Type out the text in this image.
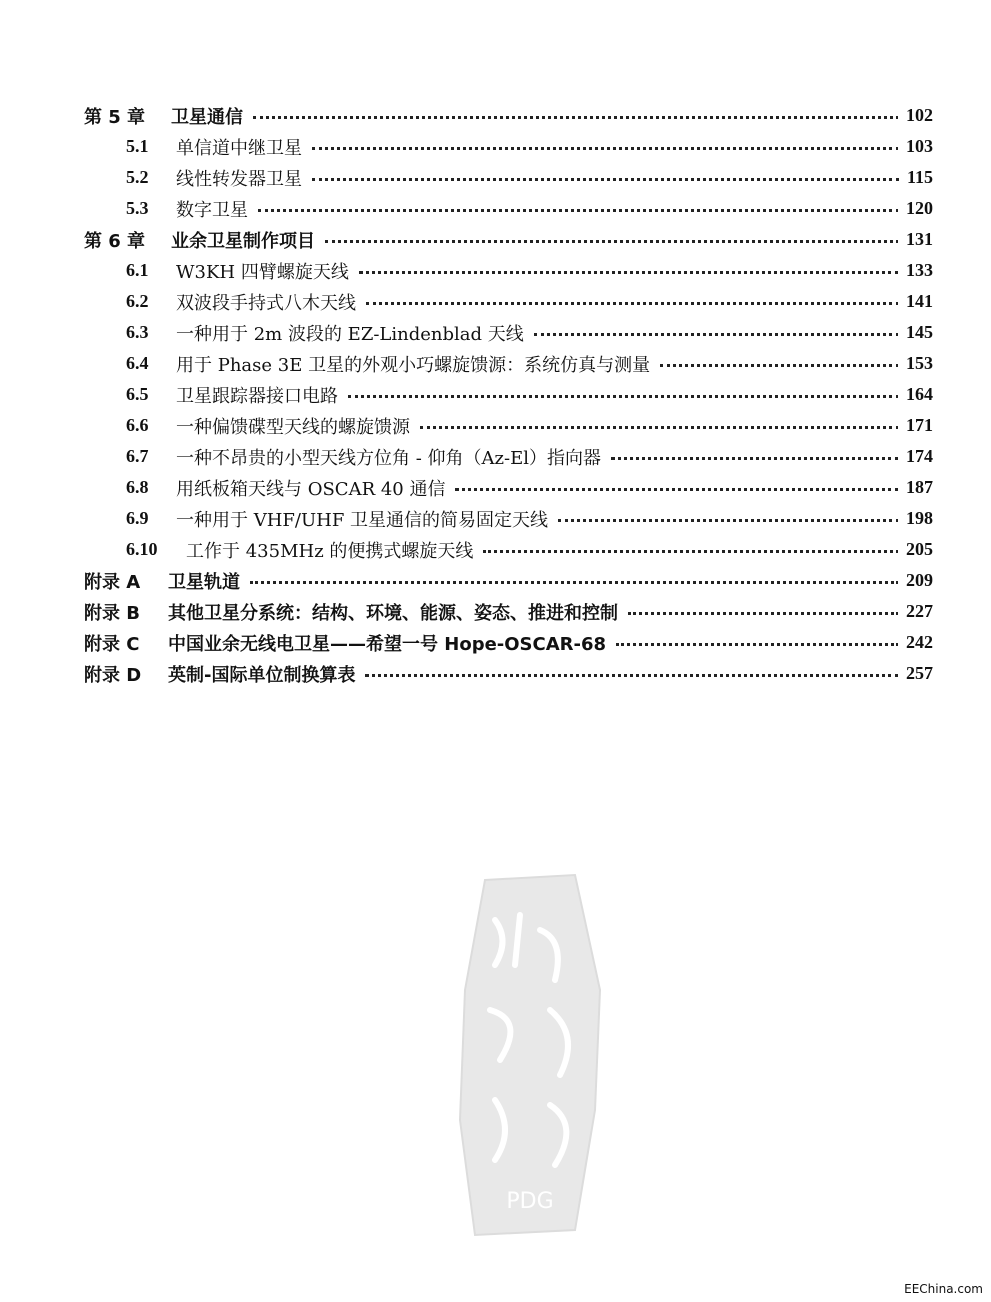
第 5 章 卫星通信	102
5.1 单信道中继卫星	103
5.2 线性转发器卫星	115
5.3 数字卫星	120
第 6 章 业余卫星制作项目	131
6.1 W3KH 四臂螺旋天线	133
6.2 双波段手持式八木天线	141
6.3 一种用于 2m 波段的 EZ-Lindenblad 天线	145
6.4 用于 Phase 3E 卫星的外观小巧螺旋馈源：系统仿真与测量	153
6.5 卫星跟踪器接口电路	164
6.6 一种偏馈碟型天线的螺旋馈源	171
6.7 一种不昂贵的小型天线方位角 - 仰角（Az-El）指向器	174
6.8 用纸板箱天线与 OSCAR 40 通信	187
6.9 一种用于 VHF/UHF 卫星通信的简易固定天线	198
6.10 工作于 435MHz 的便携式螺旋天线	205
附录 A 卫星轨道	209
附录 B 其他卫星分系统：结构、环境、能源、姿态、推进和控制	227
附录 C 中国业余无线电卫星——希望一号 Hope-OSCAR-68	242
附录 D 英制-国际单位制换算表	257
PDG
EEChina.com
